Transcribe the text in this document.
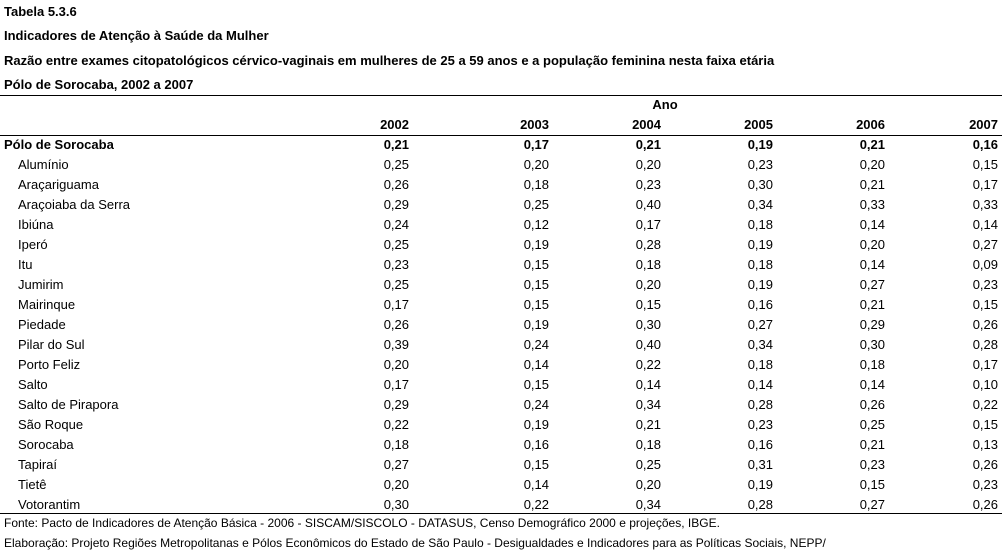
Tabela 5.3.6
Indicadores de Atenção à Saúde da Mulher
Razão entre exames citopatológicos cérvico-vaginais em mulheres de 25 a 59 anos e a população feminina nesta faixa etária
Pólo de Sorocaba, 2002 a 2007
Ano
2002	2003	2004	2005	2006	2007
Pólo de Sorocaba	0,21	0,17	0,21	0,19	0,21	0,16
Alumínio	0,25	0,20	0,20	0,23	0,20	0,15
Araçariguama	0,26	0,18	0,23	0,30	0,21	0,17
Araçoiaba da Serra	0,29	0,25	0,40	0,34	0,33	0,33
Ibiúna	0,24	0,12	0,17	0,18	0,14	0,14
Iperó	0,25	0,19	0,28	0,19	0,20	0,27
Itu	0,23	0,15	0,18	0,18	0,14	0,09
Jumirim	0,25	0,15	0,20	0,19	0,27	0,23
Mairinque	0,17	0,15	0,15	0,16	0,21	0,15
Piedade	0,26	0,19	0,30	0,27	0,29	0,26
Pilar do Sul	0,39	0,24	0,40	0,34	0,30	0,28
Porto Feliz	0,20	0,14	0,22	0,18	0,18	0,17
Salto	0,17	0,15	0,14	0,14	0,14	0,10
Salto de Pirapora	0,29	0,24	0,34	0,28	0,26	0,22
São Roque	0,22	0,19	0,21	0,23	0,25	0,15
Sorocaba	0,18	0,16	0,18	0,16	0,21	0,13
Tapiraí	0,27	0,15	0,25	0,31	0,23	0,26
Tietê	0,20	0,14	0,20	0,19	0,15	0,23
Votorantim	0,30	0,22	0,34	0,28	0,27	0,26
Fonte: Pacto de Indicadores de Atenção Básica - 2006 - SISCAM/SISCOLO - DATASUS, Censo Demográfico 2000 e projeções, IBGE.
Elaboração: Projeto Regiões Metropolitanas e Pólos Econômicos do Estado de São Paulo - Desigualdades e Indicadores para as Políticas Sociais, NEPP/
